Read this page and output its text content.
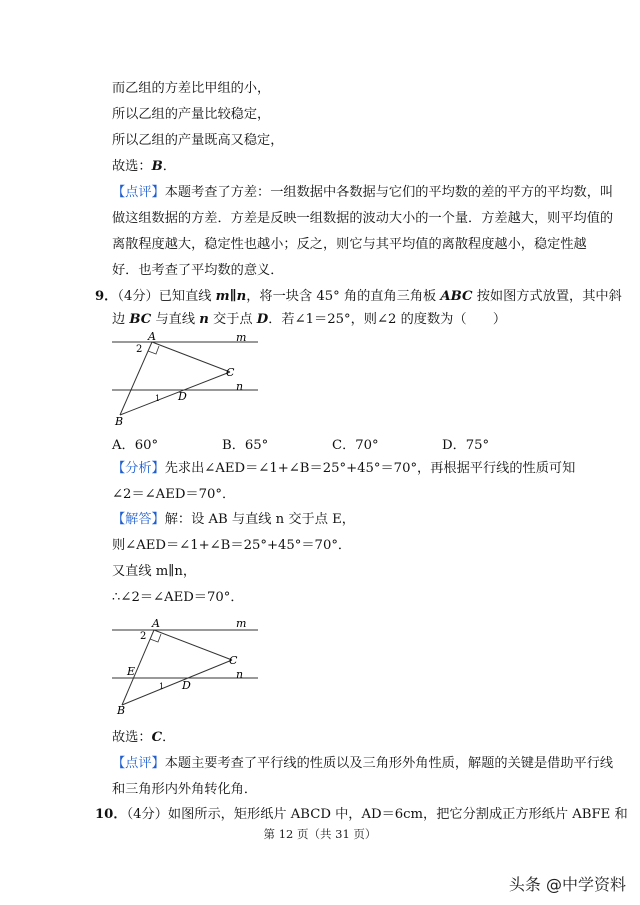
而乙组的方差比甲组的小，
所以乙组的产量比较稳定，
所以乙组的产量既高又稳定，
故选：B．
【点评】本题考查了方差：一组数据中各数据与它们的平均数的差的平方的平均数，叫
做这组数据的方差．方差是反映一组数据的波动大小的一个量．方差越大，则平均值的
离散程度越大，稳定性也越小；反之，则它与其平均值的离散程度越小，稳定性越
好．也考查了平均数的意义．
9．（4分）已知直线 m∥n，将一块含 45° 角的直角三角板 ABC 按如图方式放置，其中斜
边 BC 与直线 n 交于点 D．若∠1＝25°，则∠2 的度数为（　　）
A	m
2
C
n
1 D
B
A．60°	B．65°	C．70°	D．75°
【分析】先求出∠AED＝∠1+∠B＝25°+45°＝70°，再根据平行线的性质可知
∠2＝∠AED＝70°．
【解答】解：设 AB 与直线 n 交于点 E，
则∠AED＝∠1+∠B＝25°+45°＝70°．
又直线 m∥n，
∴∠2＝∠AED＝70°．
A	m
2
C
E	n
1 D
B
故选：C．
【点评】本题主要考查了平行线的性质以及三角形外角性质，解题的关键是借助平行线
和三角形内外角转化角．
10．（4分）如图所示，矩形纸片 ABCD 中，AD＝6cm，把它分割成正方形纸片 ABFE 和
第 12 页（共 31 页）
头条 @中学资料
